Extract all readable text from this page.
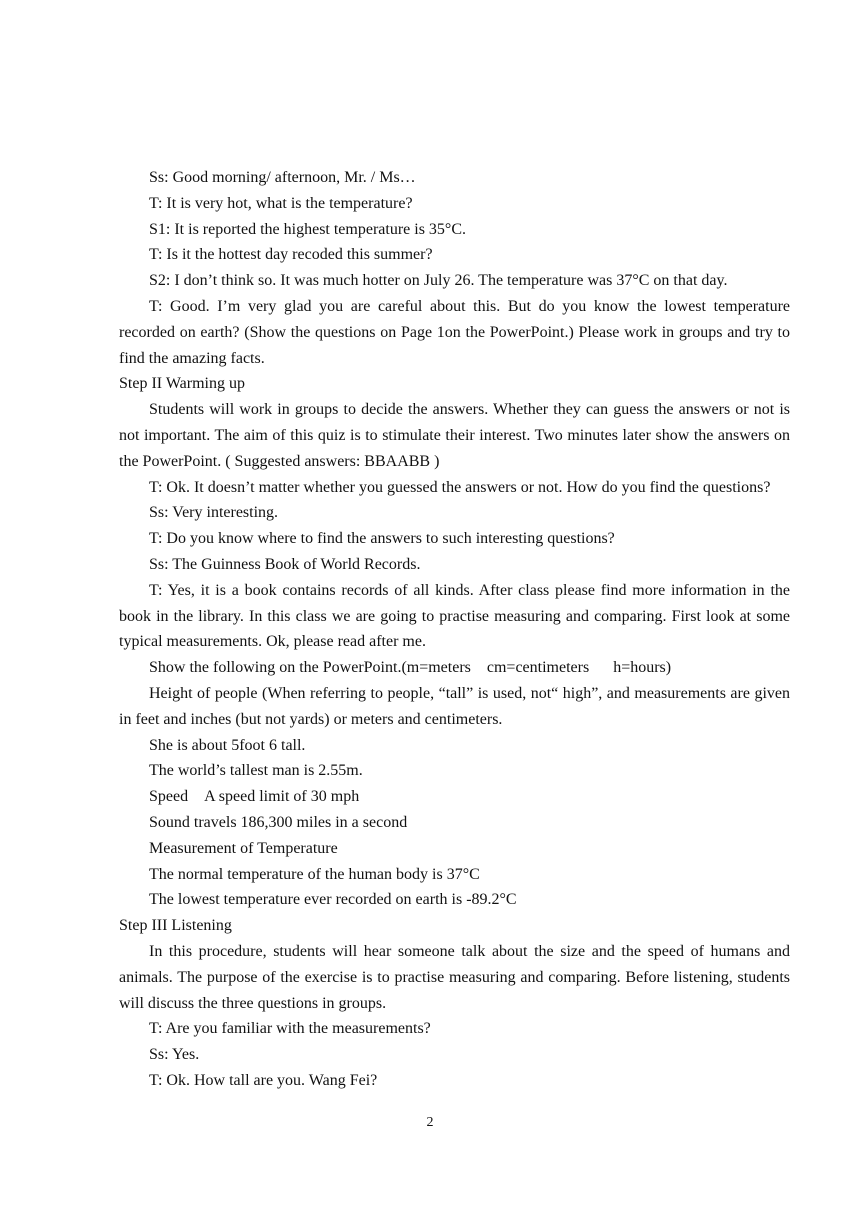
Ss: Good morning/ afternoon, Mr. / Ms…
T: It is very hot, what is the temperature?
S1: It is reported the highest temperature is 35°C.
T: Is it the hottest day recoded this summer?
S2: I don’t think so. It was much hotter on July 26. The temperature was 37°C on that day.
T: Good. I’m very glad you are careful about this. But do you know the lowest temperature recorded on earth? (Show the questions on Page 1on the PowerPoint.) Please work in groups and try to find the amazing facts.
Step II Warming up
Students will work in groups to decide the answers. Whether they can guess the answers or not is not important. The aim of this quiz is to stimulate their interest. Two minutes later show the answers on the PowerPoint. ( Suggested answers: BBAABB )
T: Ok. It doesn’t matter whether you guessed the answers or not. How do you find the questions?
Ss: Very interesting.
T: Do you know where to find the answers to such interesting questions?
Ss: The Guinness Book of World Records.
T: Yes, it is a book contains records of all kinds. After class please find more information in the book in the library. In this class we are going to practise measuring and comparing. First look at some typical measurements. Ok, please read after me.
Show the following on the PowerPoint.(m=meters    cm=centimeters      h=hours)
Height of people (When referring to people, “tall” is used, not“ high”, and measurements are given in feet and inches (but not yards) or meters and centimeters.
She is about 5foot 6 tall.
The world’s tallest man is 2.55m.
Speed    A speed limit of 30 mph
Sound travels 186,300 miles in a second
Measurement of Temperature
The normal temperature of the human body is 37°C
The lowest temperature ever recorded on earth is -89.2°C
Step III Listening
In this procedure, students will hear someone talk about the size and the speed of humans and animals. The purpose of the exercise is to practise measuring and comparing. Before listening, students will discuss the three questions in groups.
T: Are you familiar with the measurements?
Ss: Yes.
T: Ok. How tall are you. Wang Fei?
2
